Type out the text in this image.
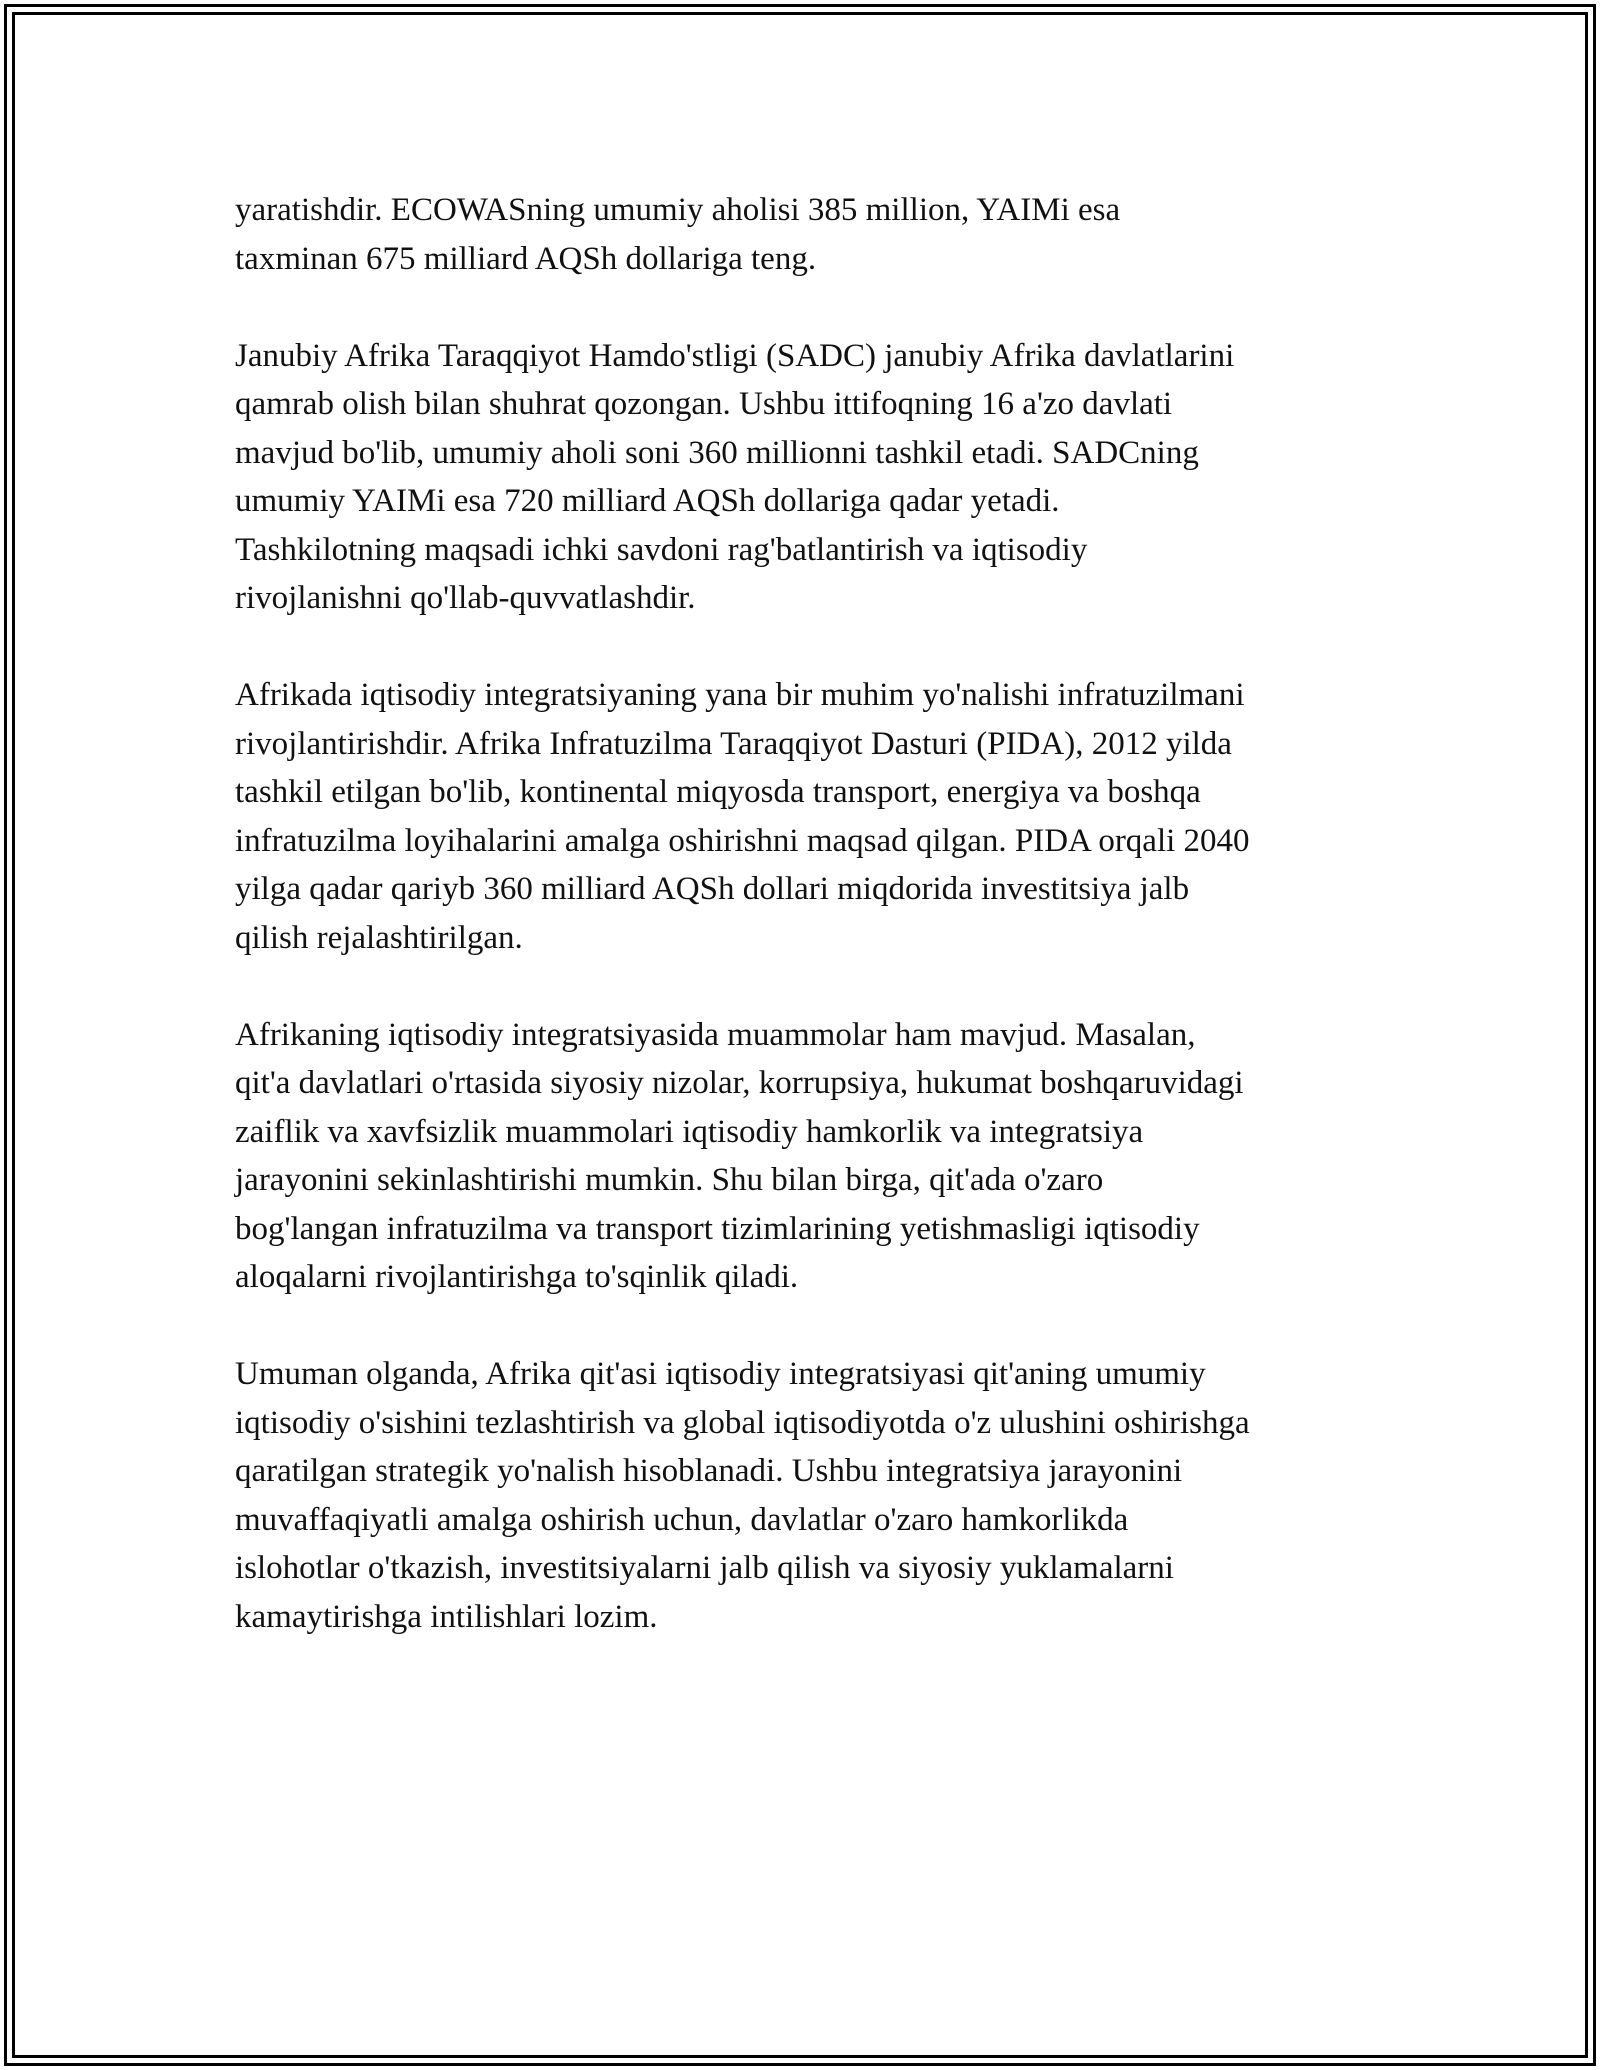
yaratishdir. ECOWASning umumiy aholisi 385 million, YAIMi esa
taxminan 675 milliard AQSh dollariga teng.

Janubiy Afrika Taraqqiyot Hamdo'stligi (SADC) janubiy Afrika davlatlarini
qamrab olish bilan shuhrat qozongan. Ushbu ittifoqning 16 a'zo davlati
mavjud bo'lib, umumiy aholi soni 360 millionni tashkil etadi. SADCning
umumiy YAIMi esa 720 milliard AQSh dollariga qadar yetadi.
Tashkilotning maqsadi ichki savdoni rag'batlantirish va iqtisodiy
rivojlanishni qo'llab-quvvatlashdir.

Afrikada iqtisodiy integratsiyaning yana bir muhim yo'nalishi infratuzilmani
rivojlantirishdir. Afrika Infratuzilma Taraqqiyot Dasturi (PIDA), 2012 yilda
tashkil etilgan bo'lib, kontinental miqyosda transport, energiya va boshqa
infratuzilma loyihalarini amalga oshirishni maqsad qilgan. PIDA orqali 2040
yilga qadar qariyb 360 milliard AQSh dollari miqdorida investitsiya jalb
qilish rejalashtirilgan.

Afrikaning iqtisodiy integratsiyasida muammolar ham mavjud. Masalan,
qit'a davlatlari o'rtasida siyosiy nizolar, korrupsiya, hukumat boshqaruvidagi
zaiflik va xavfsizlik muammolari iqtisodiy hamkorlik va integratsiya
jarayonini sekinlashtirishi mumkin. Shu bilan birga, qit'ada o'zaro
bog'langan infratuzilma va transport tizimlarining yetishmasligi iqtisodiy
aloqalarni rivojlantirishga to'sqinlik qiladi.

Umuman olganda, Afrika qit'asi iqtisodiy integratsiyasi qit'aning umumiy
iqtisodiy o'sishini tezlashtirish va global iqtisodiyotda o'z ulushini oshirishga
qaratilgan strategik yo'nalish hisoblanadi. Ushbu integratsiya jarayonini
muvaffaqiyatli amalga oshirish uchun, davlatlar o'zaro hamkorlikda
islohotlar o'tkazish, investitsiyalarni jalb qilish va siyosiy yuklamalarni
kamaytirishga intilishlari lozim.
